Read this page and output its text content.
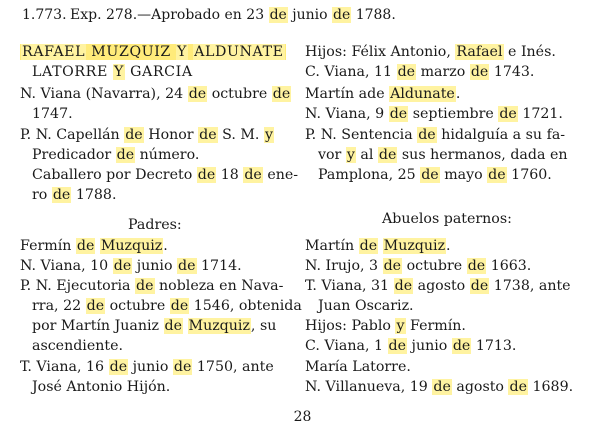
1.773. Exp. 278.—Aprobado en 23 de junio de 1788.
RAFAEL MUZQUIZ Y ALDUNATE
LATORRE Y GARCIA
N. Viana (Navarra), 24 de octubre de
1747.
P. N. Capellán de Honor de S. M. y
Predicador de número.
Caballero por Decreto de 18 de ene-
ro de 1788.
Padres:
Fermín de Muzquiz.
N. Viana, 10 de junio de 1714.
P. N. Ejecutoria de nobleza en Nava-
rra, 22 de octubre de 1546, obtenida
por Martín Juaniz de Muzquiz, su
ascendiente.
T. Viana, 16 de junio de 1750, ante
José Antonio Hijón.
Hijos: Félix Antonio, Rafael e Inés.
C. Viana, 11 de marzo de 1743.
Martín ade Aldunate.
N. Viana, 9 de septiembre de 1721.
P. N. Sentencia de hidalguía a su fa-
vor y al de sus hermanos, dada en
Pamplona, 25 de mayo de 1760.
Abuelos paternos:
Martín de Muzquiz.
N. Irujo, 3 de octubre de 1663.
T. Viana, 31 de agosto de 1738, ante
Juan Oscariz.
Hijos: Pablo y Fermín.
C. Viana, 1 de junio de 1713.
María Latorre.
N. Villanueva, 19 de agosto de 1689.
28
